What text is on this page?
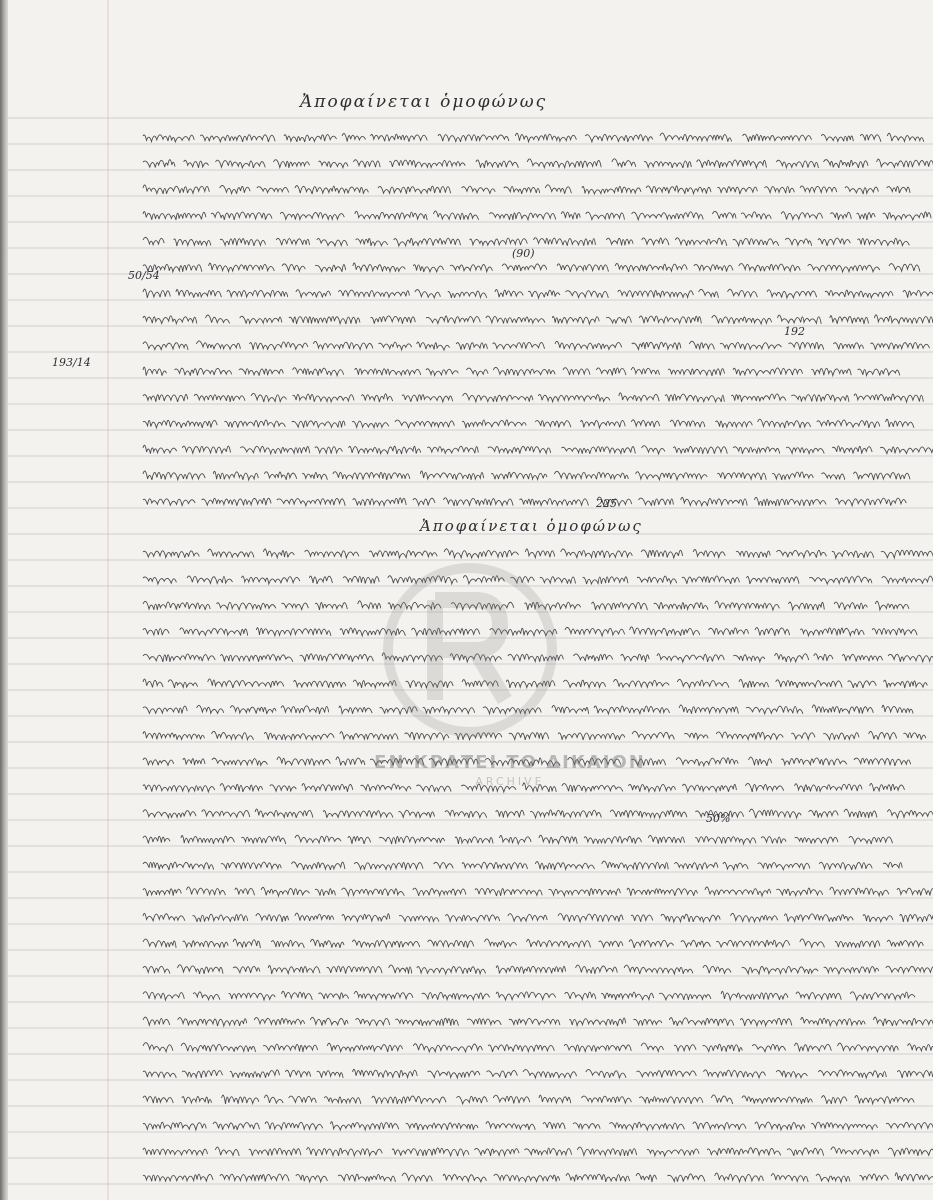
Ἀποφαίνεται ὁμοφώνως
Ἀποφαίνεται ὁμοφώνως
193/14
(90)
192
225
50%
50/54
ΕΝ ΚΡΑΤΕΙ ΤΟ ΔΙΚΑΙΟΝ
ARCHIVE
